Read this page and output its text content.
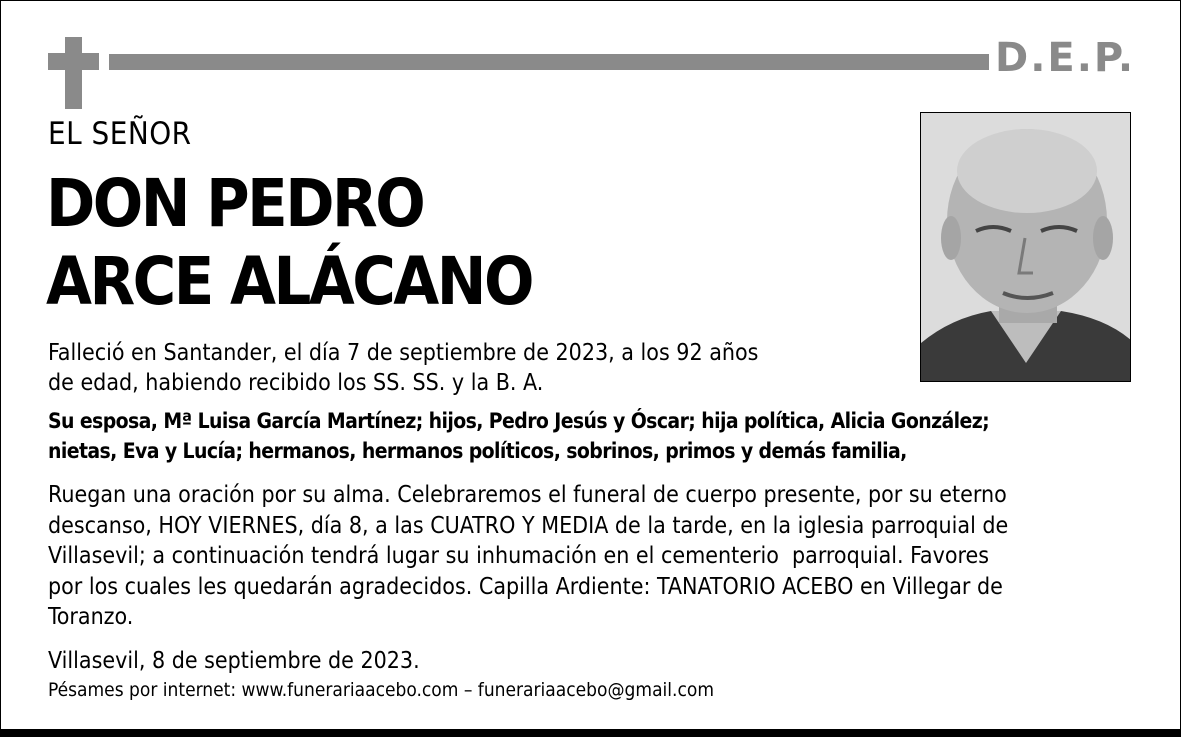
D.E.P.
EL SEÑOR
DON PEDRO
ARCE ALÁCANO
Falleció en Santander, el día 7 de septiembre de 2023, a los 92 años
de edad, habiendo recibido los SS. SS. y la B. A.
Su esposa, Mª Luisa García Martínez; hijos, Pedro Jesús y Óscar; hija política, Alicia González;
nietas, Eva y Lucía; hermanos, hermanos políticos, sobrinos, primos y demás familia,
Ruegan una oración por su alma. Celebraremos el funeral de cuerpo presente, por su eterno
descanso, HOY VIERNES, día 8, a las CUATRO Y MEDIA de la tarde, en la iglesia parroquial de
Villasevil; a continuación tendrá lugar su inhumación en el cementerio  parroquial. Favores
por los cuales les quedarán agradecidos. Capilla Ardiente: TANATORIO ACEBO en Villegar de
Toranzo.
Villasevil, 8 de septiembre de 2023.
Pésames por internet: www.funerariaacebo.com – funerariaacebo@gmail.com
